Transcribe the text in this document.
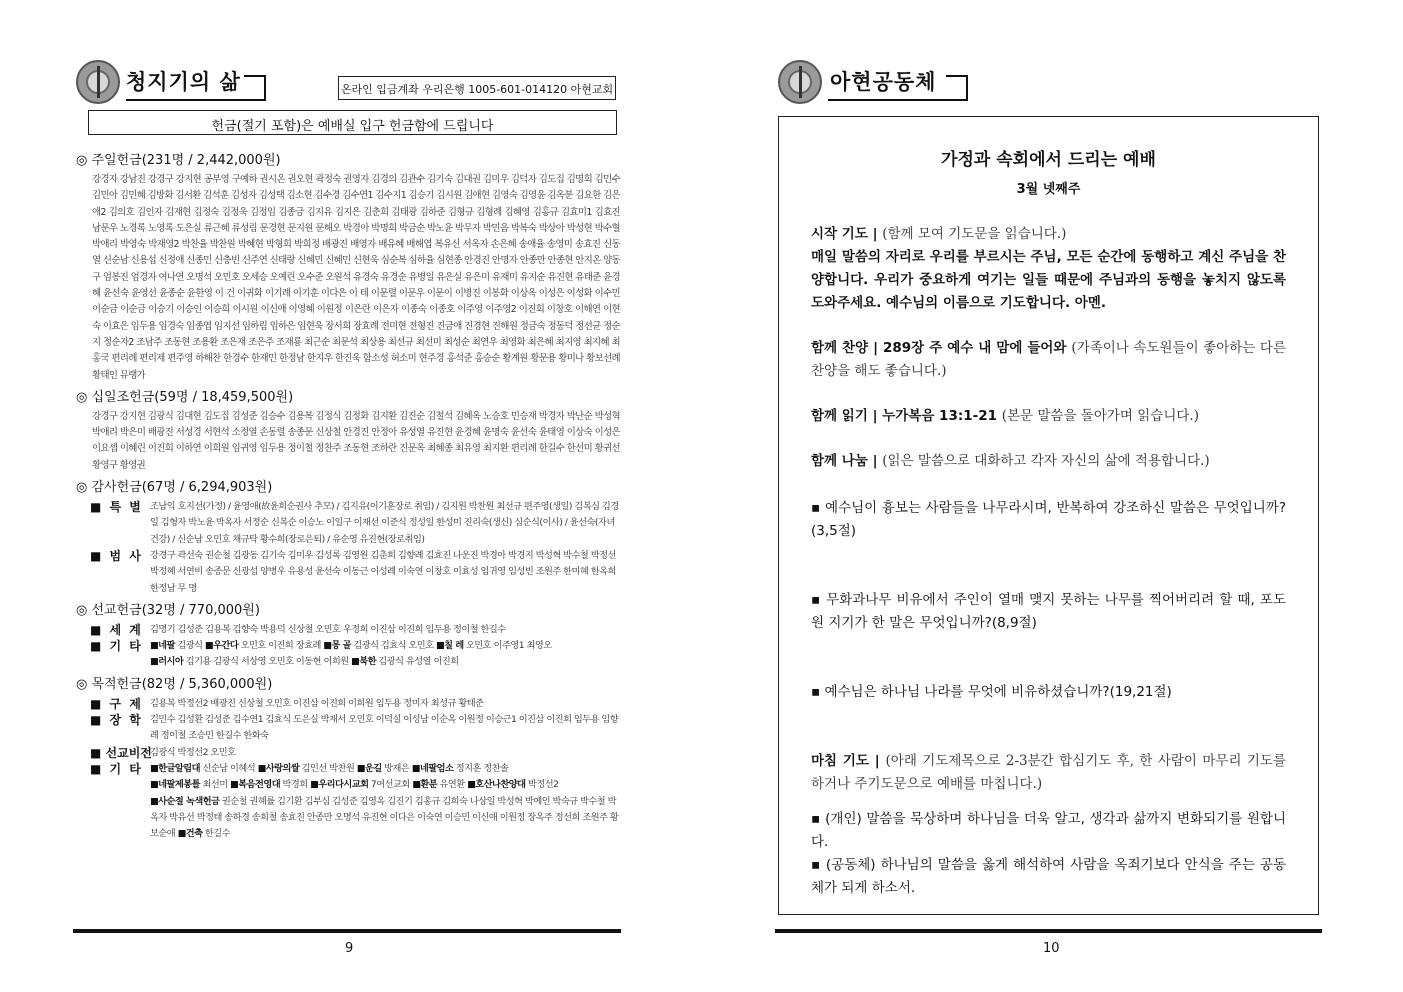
청지기의 삶	온라인 입금계좌 우리은행 1005-601-014120 아현교회
헌금(절기 포함)은 예배실 입구 헌금함에 드립니다
◎ 주일헌금(231명 / 2,442,000원)
강경자 강남진 강경구 강지현 공부영 구예하 권시온 권오현 곽정숙 권영자 김경의 김관수 김기숙 김대권 김미우 김덕자 김도집 김명희 김민수 김민아 김민혜 김방화 김서환 김석훈 김성자 김성택 김소현 김수경 김수연1 김수지1 김승기 김시원 김애현 김영숙 김영윤 김옥분 김요한 김은애2 김의호 김인자 김재현 김정숙 김정욱 김정임 김종금 김지유 김지은 김춘희 김태광 김하준 김형규 김형례 김혜영 김홍규 김효미1 김효진 남문우 노경록 노영록 도은실 류근혜 류성림 문경현 문지원 문해오 박경아 박명희 박금순 박노윤 박무자 박민음 박복숙 박상아 박성현 박수혈 박애리 박영숙 박재영2 박찬율 박찬원 박혜현 박형희 박희정 배광진 배영자 배유혜 배해엽 복유신 서옥자 손은혜 송애율 송영미 송효진 신동열 신순남 신용섭 신정애 신종민 신충빈 신주연 신태랑 신혜민 신혜민 신현욱 심순복 심하율 심현종 안경진 안명자 안종만 안종현 안지온 양동구 엄봉진 엄경자 여나연 오명석 오민호 오세승 오예린 오수준 오원석 유경숙 유경순 유병일 유은실 유은미 유재미 유지순 유진현 유태준 윤경혜 윤선숙 윤영선 윤종순 윤한영 이 건 이귀화 이기례 이기훈 이다은 이 테 이문렬 이문우 이문이 이병진 이봉화 이상옥 이성은 이성화 이수민 이순금 이순금 이승기 이승인 이승희 이시원 이신애 이영혜 이원정 이은란 이은자 이종숙 이종호 이주영 이주영2 이진희 이창호 이해연 이현숙 이효은 임두용 임경숙 임종엽 임지선 임하림 임하은 임현욱 장서희 장효례 전미현 전형진 진금애 진경현 진해원 정금숙 정동덕 정선균 정순지 정순자2 조남주 조동현 조용환 조은재 조은주 조재룡 최근순 최문석 최상용 최선규 최선미 최성순 최연우 최영화 최은혜 최지영 최지혜 최홍국 편리례 편리제 편주영 하해찬 한경수 한재민 한정남 한지우 한진욱 함소성 허소미 현주경 홍석준 홍승순 황계원 황문용 황미나 황보선례 황태인 뮤랭가
◎ 십일조헌금(59명 / 18,459,500원)
강경구 강지현 김광식 김대현 김도집 김성준 김승수 김용복 김정식 김정화 김지환 김진순 김철석 김혜옥 노승호 민승재 박경자 박난순 박성혁 박애리 박은미 배광진 서성경 서현석 소정열 손동렬 송종문 신상철 안경진 안정아 유성열 유진현 윤경혜 윤명숙 윤선숙 윤태영 이상숙 이성은 이요셉 이혜린 이진희 이하연 이희원 임귀영 임두용 정이철 정찬주 조동현 조하란 진문옥 최혜종 최유영 최지환 편리례 한길수 한선미 황귀선 황영구 황영권
◎ 감사헌금(67명 / 6,294,903원)
■ 특 별 조남익 호지선(가정) / 윤영애(故윤희순권사 추모) / 김지유(이기훈장로 취임) / 김지원 박찬원 최선규 편주영(생일) 김복심 김경일 김형자 박노윤 박옥자 서정순 신복순 이승노 이일구 이재선 이준식 정성일 한성미 진리숙(생신) 심순식(이사) / 윤선숙(자녀건강) / 신순남 오민호 채규탁 황수희(장로은퇴) / 유순영 유진현(장로취임)
■ 범 사 강경구 곽선숙 권순철 김광동 김기숙 김미우 김성록 김영원 김춘희 김향례 김효진 나운진 박경아 박경지 박성혁 박수철 박정선 박정혜 서연비 송종문 신광섭 양병우 유용성 윤선숙 이동근 이성례 이숙연 이창호 이효성 임귀영 임성빈 조원주 한미혜 한옥희 한정남 무 명
◎ 선교헌금(32명 / 770,000원)
■ 세 계 김명기 김성준 김용복 김향숙 박용덕 신상철 오민호 우정희 이진삼 이진희 임두용 정이철 한길수
■ 기 타 ■네팔 김광식 ■우간다 오민호 이진희 장효례 ■몽 골 김광식 김효식 오민호 ■칠 레 오민호 이주영1 최영오
■러시아 김기용 김광식 서상영 오민호 이동현 이희원 ■북한 김광식 유성열 이진희
◎ 목적헌금(82명 / 5,360,000원)
■ 구 제 김용복 박정선2 배광진 신상철 오민호 이진삼 이진희 이희원 임두용 정미자 최성규 황태준
■ 장 학 김민수 김성환 김성준 김수연1 김효식 도은실 박재서 오민호 이덕실 이성남 이순옥 이원정 이승근1 이진삼 이진희 임두용 임향례 정이철 조승민 한길수 한화숙
■ 선교비전
김광식 박정선2 오민호
■ 기 타 ■한글알림대 신순남 이혜석 ■사랑의쌀 김인선 박찬원 ■운길 방재은 ■네팔엄소 정지훈 정찬솔
■네팔제봉틀 최선미 ■복음전영대 박경희 ■우리다시교회 7여선교회 ■환분 유연환 ■호산나찬양대 박정선2
■사순절 녹색헌금 권순철 권혜률 김기환 김부심 김성준 김영옥 김진기 김홍규 김희숙 나상일 박성혁 박예인 박숙규 박수철 박옥자 박유선 박정태 송하경 송희철 송효진 안종만 오명석 유진현 이다은 이숙연 이승민 이신애 이원정 장옥주 정선희 조원주 황보순애 ■건축 한길수
9
아현공동체
가정과 속회에서 드리는 예배
3월 넷째주
시작 기도 | (함께 모여 기도문을 읽습니다.)
매일 말씀의 자리로 우리를 부르시는 주님, 모든 순간에 동행하고 계신 주님을 찬양합니다. 우리가 중요하게 여기는 일들 때문에 주님과의 동행을 놓치지 않도록 도와주세요. 예수님의 이름으로 기도합니다. 아멘.
함께 찬양 | 289장 주 예수 내 맘에 들어와 (가족이나 속도원들이 좋아하는 다른 찬양을 해도 좋습니다.)
함께 읽기 | 누가복음 13:1-21 (본문 말씀을 돌아가며 읽습니다.)
함께 나눔 | (읽은 말씀으로 대화하고 각자 자신의 삶에 적용합니다.)
▪ 예수님이 흉보는 사람들을 나무라시며, 반복하여 강조하신 말씀은 무엇입니까?(3,5절)
▪ 무화과나무 비유에서 주인이 열매 맺지 못하는 나무를 찍어버리려 할 때, 포도원 지기가 한 말은 무엇입니까?(8,9절)
▪ 예수님은 하나님 나라를 무엇에 비유하셨습니까?(19,21절)
마침 기도 | (아래 기도제목으로 2-3분간 합심기도 후, 한 사람이 마무리 기도를 하거나 주기도문으로 예배를 마칩니다.)
▪ (개인) 말씀을 묵상하며 하나님을 더욱 알고, 생각과 삶까지 변화되기를 원합니다.
▪ (공동체) 하나님의 말씀을 옳게 해석하여 사람을 옥죄기보다 안식을 주는 공동체가 되게 하소서.
10
